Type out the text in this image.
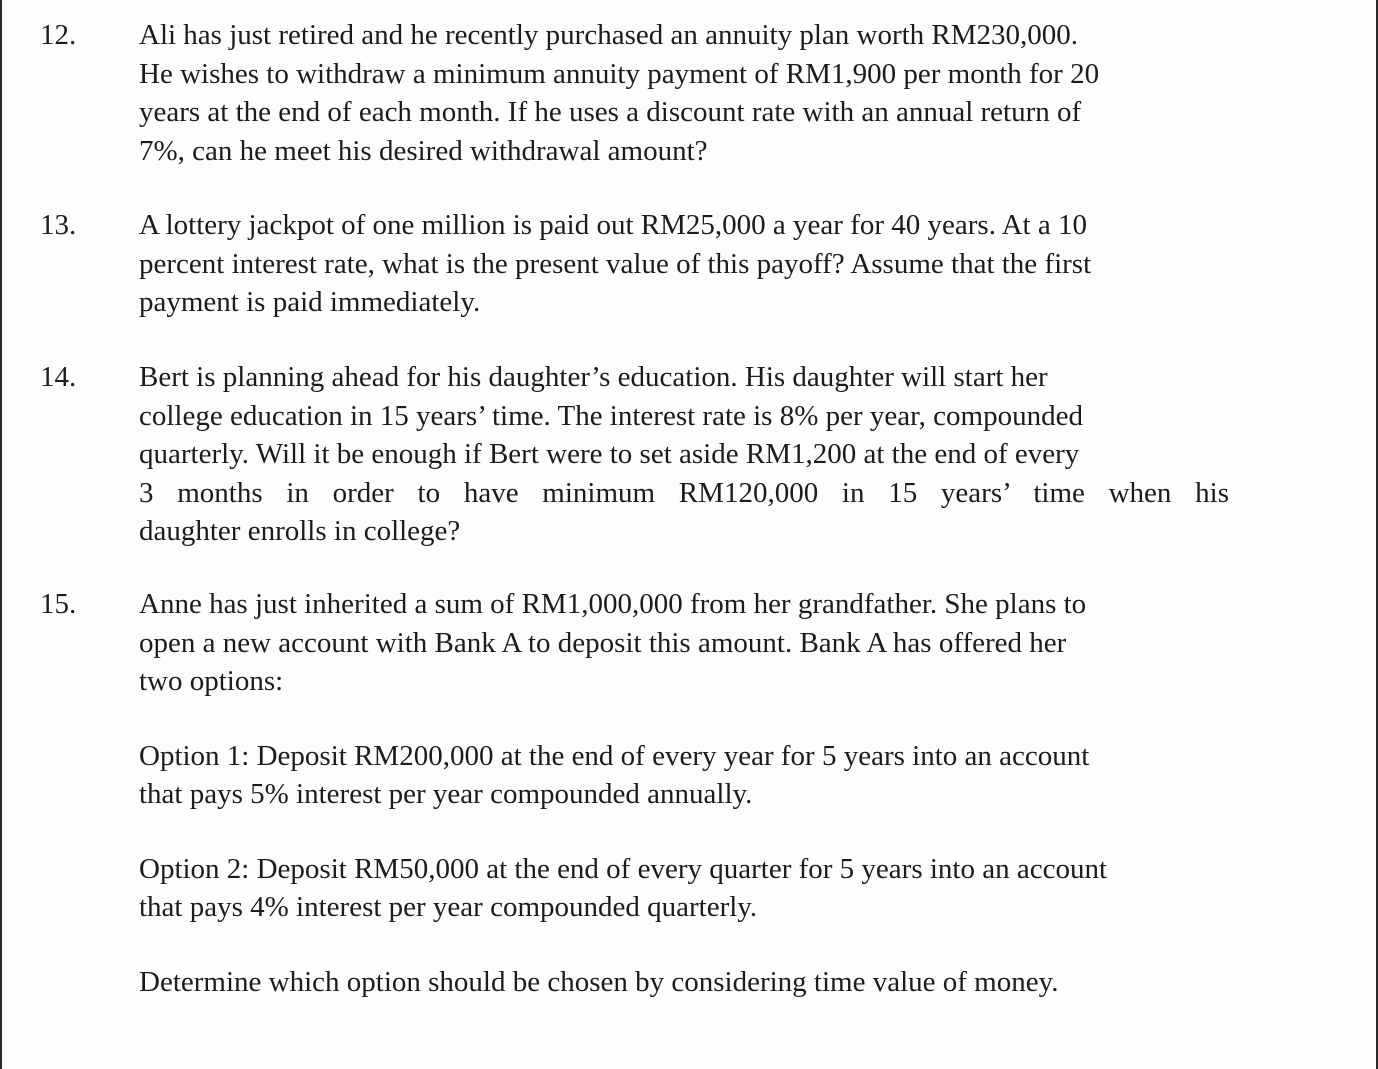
12. Ali has just retired and he recently purchased an annuity plan worth RM230,000.
He wishes to withdraw a minimum annuity payment of RM1,900 per month for 20
years at the end of each month. If he uses a discount rate with an annual return of
7%, can he meet his desired withdrawal amount?
13. A lottery jackpot of one million is paid out RM25,000 a year for 40 years. At a 10
percent interest rate, what is the present value of this payoff? Assume that the first
payment is paid immediately.
14. Bert is planning ahead for his daughter’s education. His daughter will start her
college education in 15 years’ time. The interest rate is 8% per year, compounded
quarterly. Will it be enough if Bert were to set aside RM1,200 at the end of every
3 months in order to have minimum RM120,000 in 15 years’ time when his
daughter enrolls in college?
15. Anne has just inherited a sum of RM1,000,000 from her grandfather. She plans to
open a new account with Bank A to deposit this amount. Bank A has offered her
two options:
Option 1: Deposit RM200,000 at the end of every year for 5 years into an account
that pays 5% interest per year compounded annually.
Option 2: Deposit RM50,000 at the end of every quarter for 5 years into an account
that pays 4% interest per year compounded quarterly.
Determine which option should be chosen by considering time value of money.
